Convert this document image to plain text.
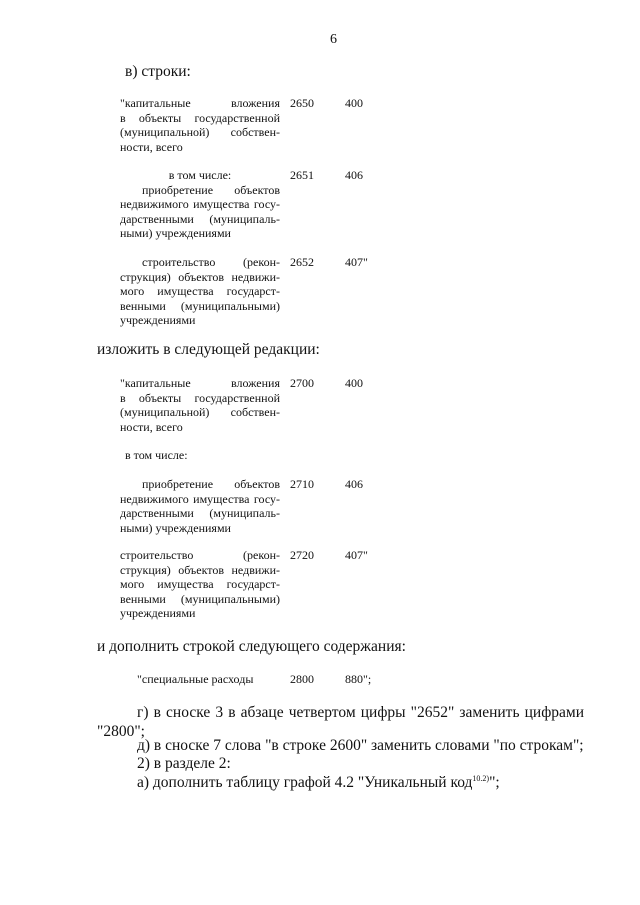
6
в) строки:
"капитальные вложения
в объекты государственной
(муниципальной) собствен-
ности, всего
2650	400
в том числе:
приобретение объектов
недвижимого имущества госу-
дарственными (муниципаль-
ными) учреждениями
2651	406
строительство (рекон-
струкция) объектов недвижи-
мого имущества государст-
венными (муниципальными)
учреждениями
2652	407"
изложить в следующей редакции:
"капитальные вложения
в объекты государственной
(муниципальной) собствен-
ности, всего
2700	400
в том числе:
приобретение объектов
недвижимого имущества госу-
дарственными (муниципаль-
ными) учреждениями
2710	406
строительство (рекон-
струкция) объектов недвижи-
мого имущества государст-
венными (муниципальными)
учреждениями
2720	407"
и дополнить строкой следующего содержания:
"специальные расходы	2800	880";
г) в сноске 3 в абзаце четвертом цифры "2652" заменить цифрами
"2800";
д) в сноске 7 слова "в строке 2600" заменить словами "по строкам";
2) в разделе 2:
а) дополнить таблицу графой 4.2 "Уникальный код$^{10.2)}$";
